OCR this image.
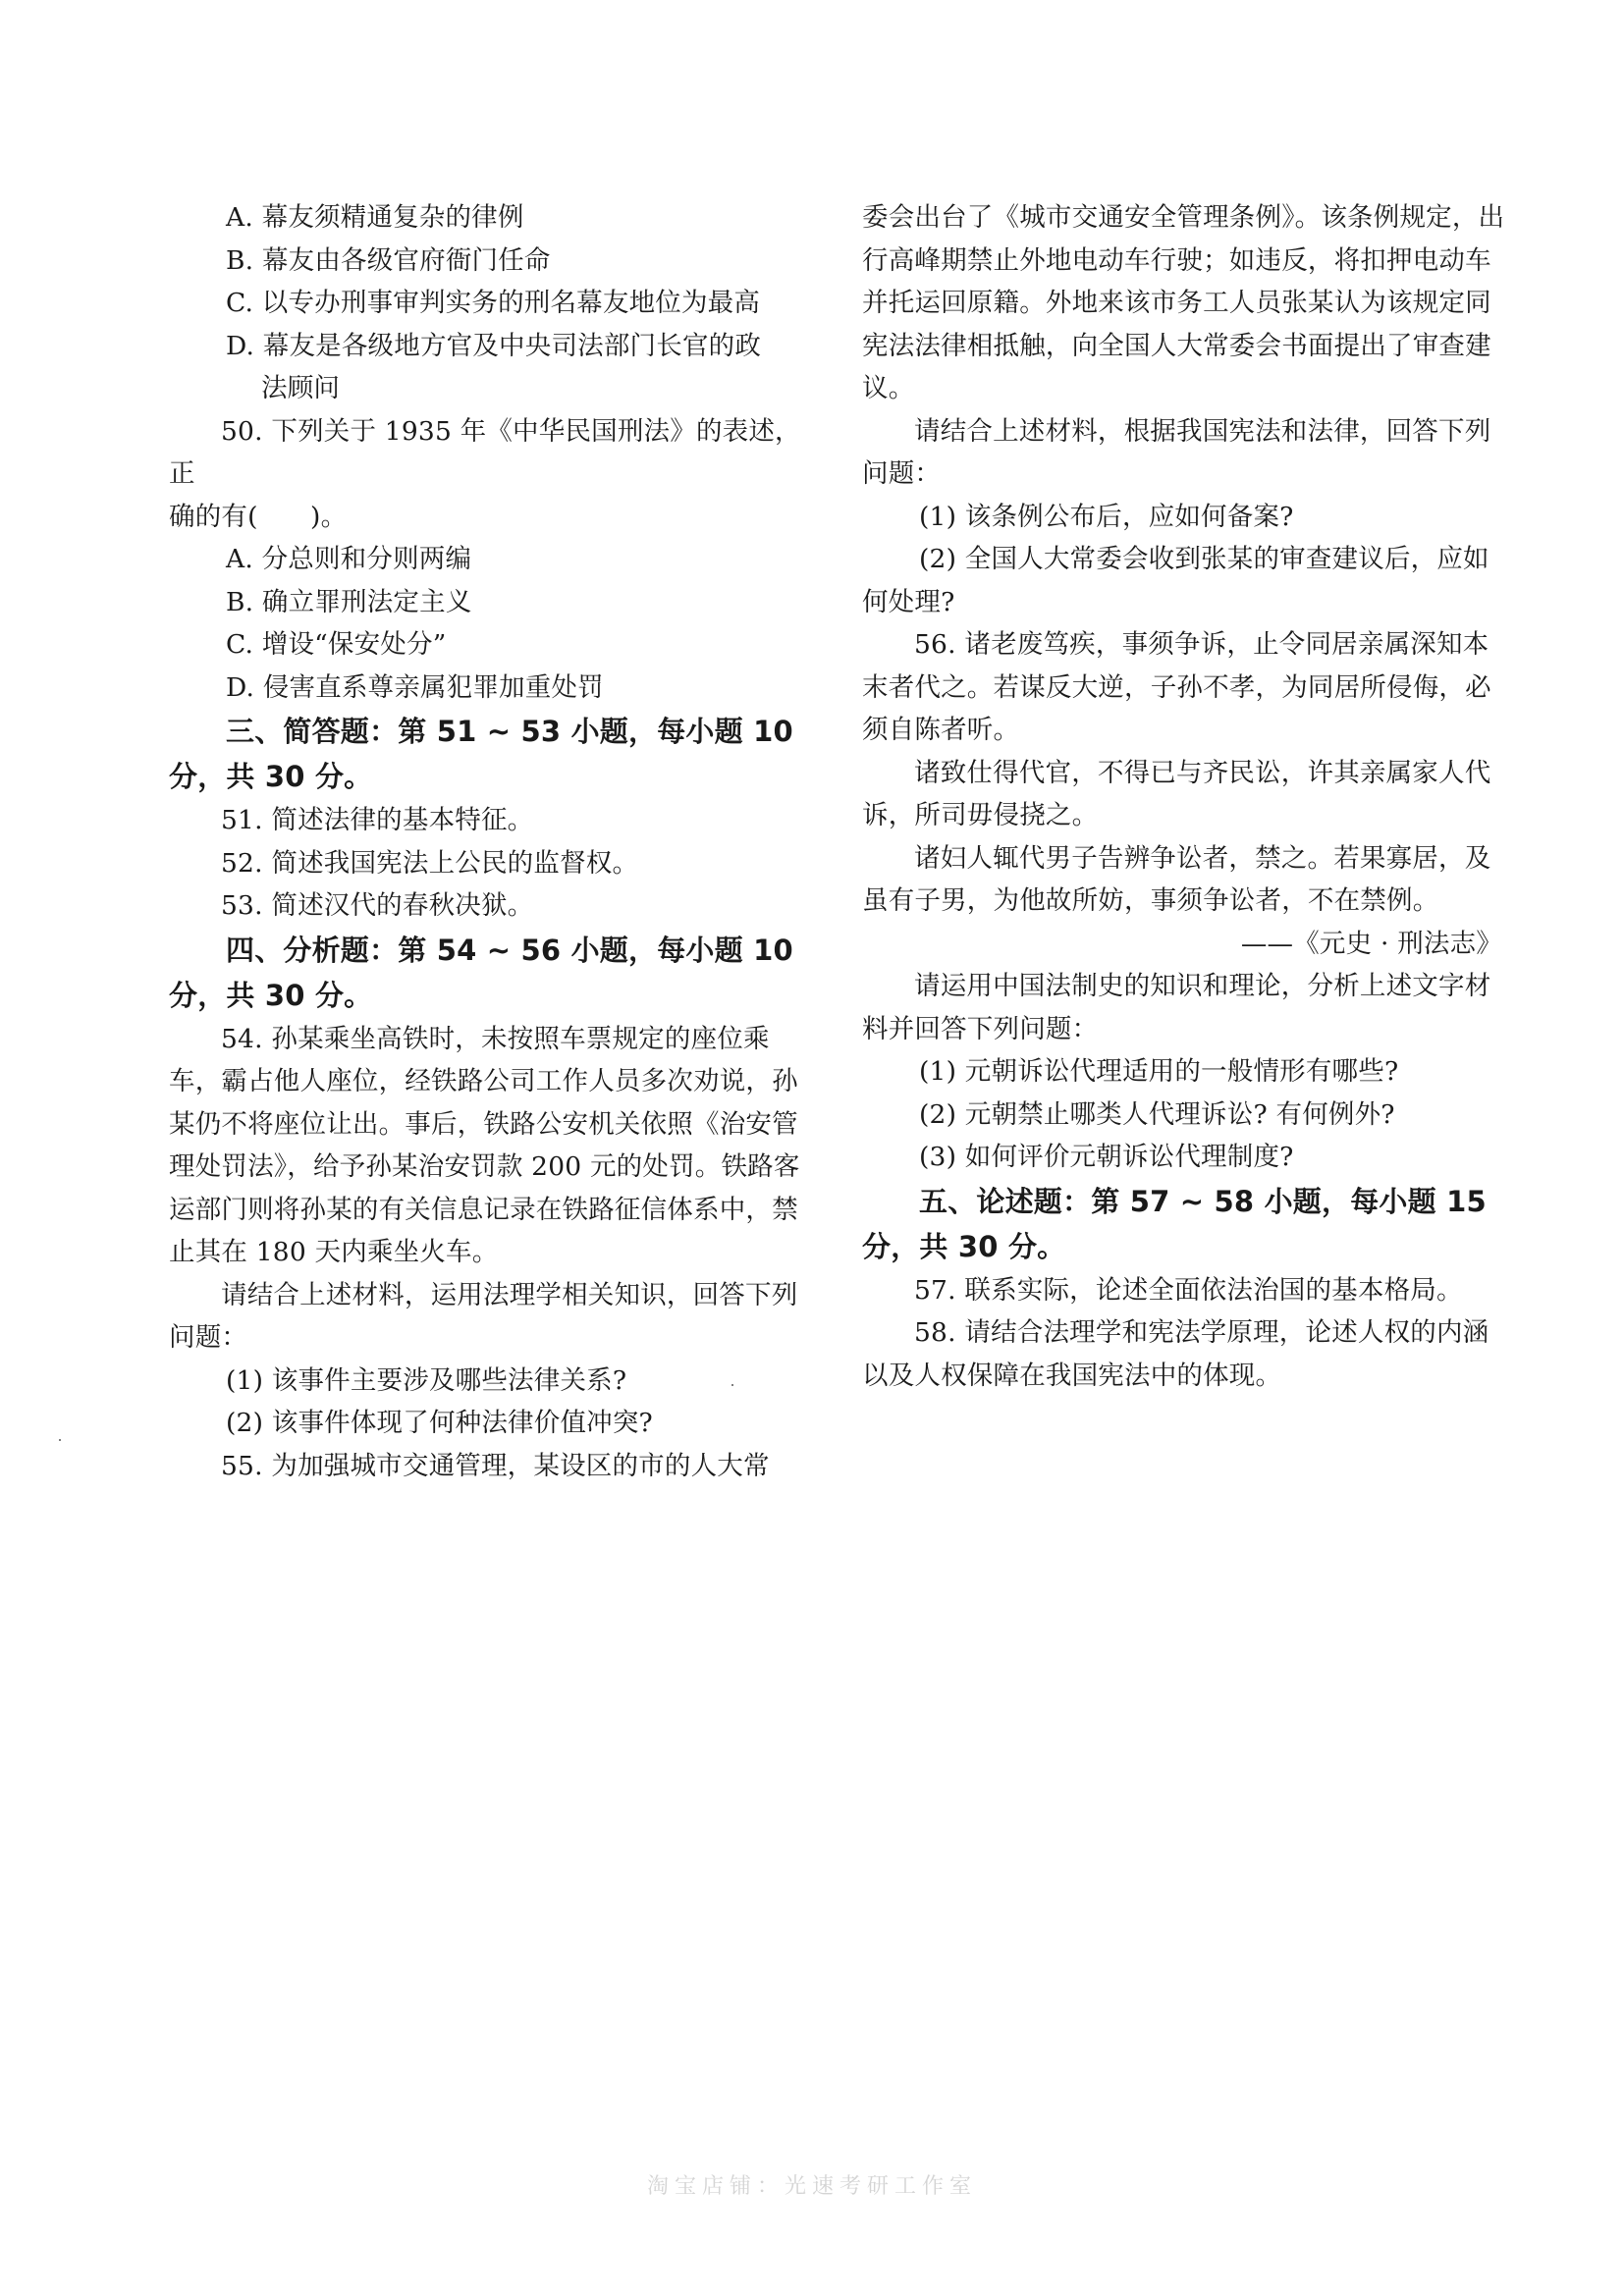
A. 幕友须精通复杂的律例

B. 幕友由各级官府衙门任命

C. 以专办刑事审判实务的刑名幕友地位为最高

D. 幕友是各级地方官及中央司法部门长官的政

法顾问

50. 下列关于 1935 年《中华民国刑法》的表述，正

确的有(　　)。

A. 分总则和分则两编

B. 确立罪刑法定主义

C. 增设“保安处分”

D. 侵害直系尊亲属犯罪加重处罚

三、简答题：第 51 ~ 53 小题，每小题 10

分，共 30 分。

51. 简述法律的基本特征。

52. 简述我国宪法上公民的监督权。

53. 简述汉代的春秋决狱。

四、分析题：第 54 ~ 56 小题，每小题 10

分，共 30 分。

54. 孙某乘坐高铁时，未按照车票规定的座位乘车，霸占他人座位，经铁路公司工作人员多次劝说，孙某仍不将座位让出。事后，铁路公安机关依照《治安管理处罚法》，给予孙某治安罚款 200 元的处罚。铁路客运部门则将孙某的有关信息记录在铁路征信体系中，禁止其在 180 天内乘坐火车。

请结合上述材料，运用法理学相关知识，回答下列问题：

(1) 该事件主要涉及哪些法律关系?

(2) 该事件体现了何种法律价值冲突?

55. 为加强城市交通管理，某设区的市的人大常

委会出台了《城市交通安全管理条例》。该条例规定，出行高峰期禁止外地电动车行驶；如违反，将扣押电动车并托运回原籍。外地来该市务工人员张某认为该规定同宪法法律相抵触，向全国人大常委会书面提出了审查建议。

请结合上述材料，根据我国宪法和法律，回答下列问题：

(1) 该条例公布后，应如何备案?

(2) 全国人大常委会收到张某的审查建议后，应如何处理?

56. 诸老废笃疾，事须争诉，止令同居亲属深知本末者代之。若谋反大逆，子孙不孝，为同居所侵侮，必须自陈者听。

诸致仕得代官，不得已与齐民讼，许其亲属家人代诉，所司毋侵挠之。

诸妇人辄代男子告辨争讼者，禁之。若果寡居，及虽有子男，为他故所妨，事须争讼者，不在禁例。

——《元史 · 刑法志》

请运用中国法制史的知识和理论，分析上述文字材料并回答下列问题：

(1) 元朝诉讼代理适用的一般情形有哪些?

(2) 元朝禁止哪类人代理诉讼? 有何例外?

(3) 如何评价元朝诉讼代理制度?

五、论述题：第 57 ~ 58 小题，每小题 15

分，共 30 分。

57. 联系实际，论述全面依法治国的基本格局。

58. 请结合法理学和宪法学原理，论述人权的内涵以及人权保障在我国宪法中的体现。

淘宝店铺：光速考研工作室
